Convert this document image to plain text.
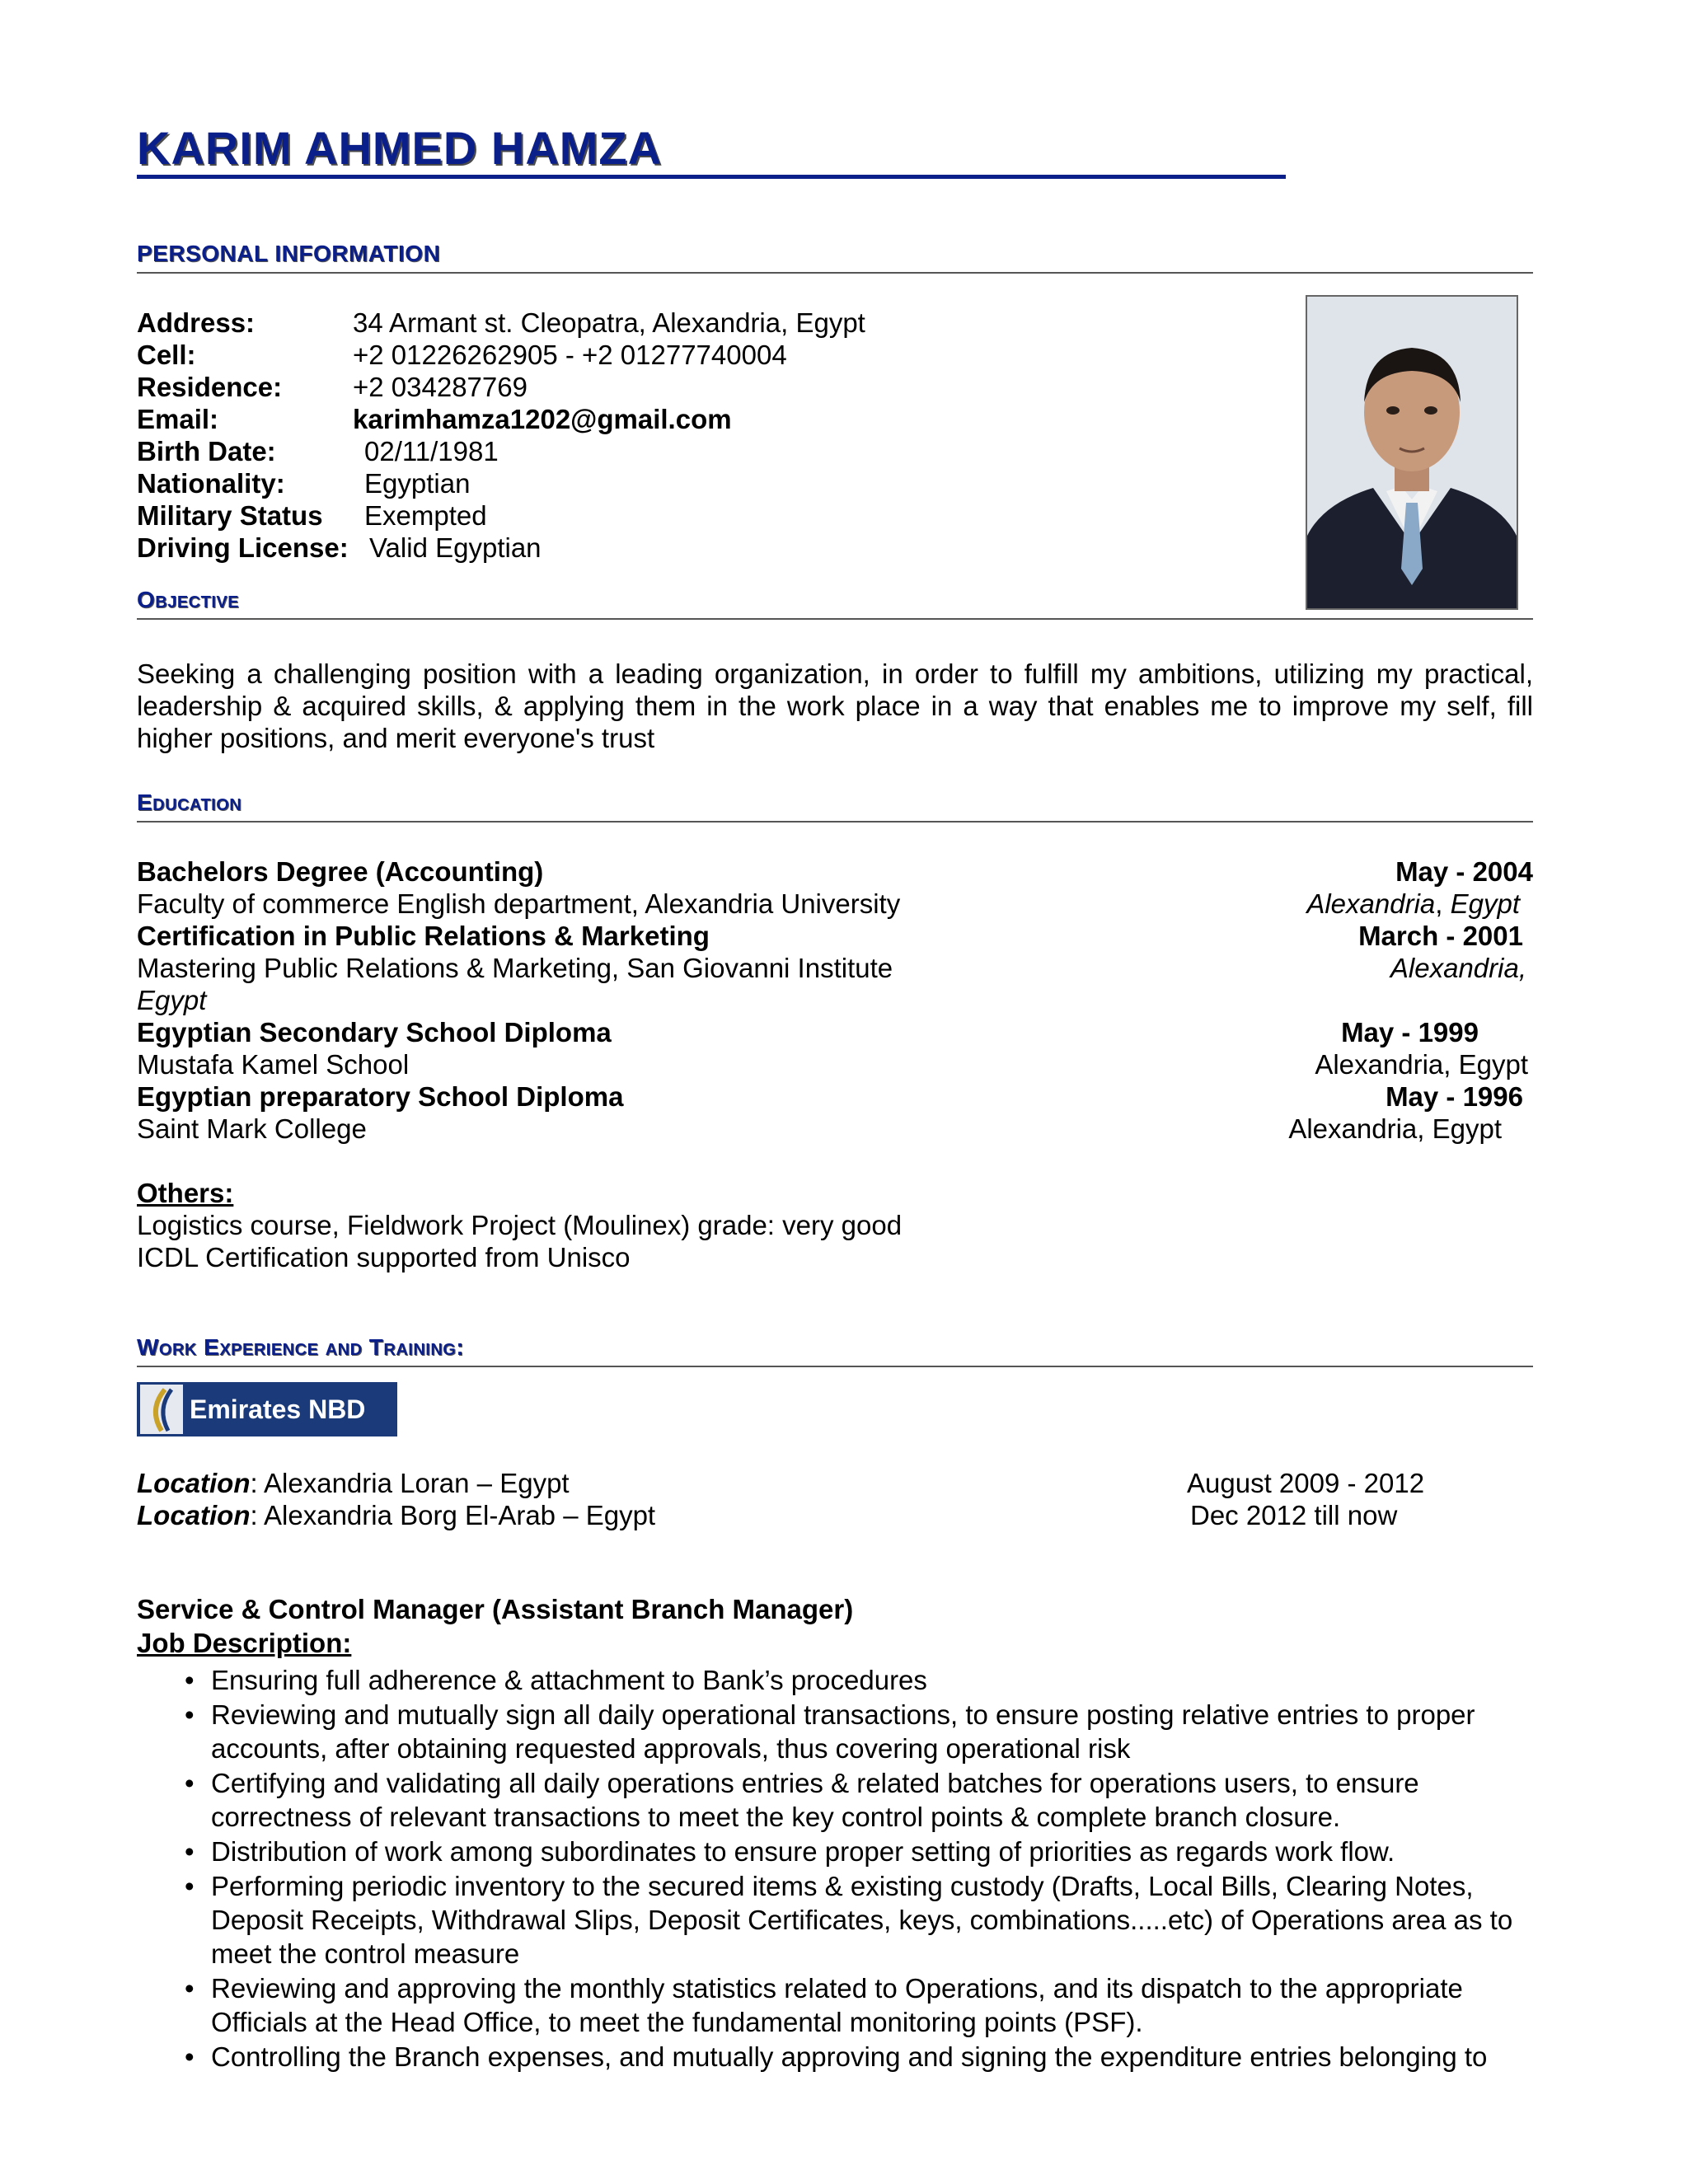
KARIM AHMED HAMZA
PERSONAL INFORMATION
Address:	34 Armant st. Cleopatra, Alexandria, Egypt
Cell:	+2 01226262905 - +2 01277740004
Residence:	+2 034287769
Email:	karimhamza1202@gmail.com
Birth Date:	02/11/1981
Nationality:	Egyptian
Military Status	Exempted
Driving License: Valid Egyptian
Objective
Seeking a challenging position with a leading organization, in order to fulfill my ambitions, utilizing my practical, leadership & acquired skills, & applying them in the work place in a way that enables me to improve my self, fill higher positions, and merit everyone's trust
Education
Bachelors Degree (Accounting)	May - 2004
Faculty of commerce English department, Alexandria University	Alexandria, Egypt
Certification in Public Relations & Marketing	March - 2001
Mastering Public Relations & Marketing, San Giovanni Institute	Alexandria,
Egypt
Egyptian Secondary School Diploma	May - 1999
Mustafa Kamel School	Alexandria, Egypt
Egyptian preparatory School Diploma	May - 1996
Saint Mark College	Alexandria, Egypt
Others:
Logistics course, Fieldwork Project (Moulinex) grade: very good
ICDL Certification supported from Unisco
Work Experience and Training:
Emirates NBD
Location: Alexandria Loran – Egypt	August 2009 - 2012
Location: Alexandria Borg El-Arab – Egypt	Dec 2012 till now
Service & Control Manager (Assistant Branch Manager)
Job Description:
• Ensuring full adherence & attachment to Bank’s procedures
• Reviewing and mutually sign all daily operational transactions, to ensure posting relative entries to proper accounts, after obtaining requested approvals, thus covering operational risk
• Certifying and validating all daily operations entries & related batches for operations users, to ensure correctness of relevant transactions to meet the key control points & complete branch closure.
• Distribution of work among subordinates to ensure proper setting of priorities as regards work flow.
• Performing periodic inventory to the secured items & existing custody (Drafts, Local Bills, Clearing Notes, Deposit Receipts, Withdrawal Slips, Deposit Certificates, keys, combinations.....etc) of Operations area as to meet the control measure
• Reviewing and approving the monthly statistics related to Operations, and its dispatch to the appropriate Officials at the Head Office, to meet the fundamental monitoring points (PSF).
• Controlling the Branch expenses, and mutually approving and signing the expenditure entries belonging to
